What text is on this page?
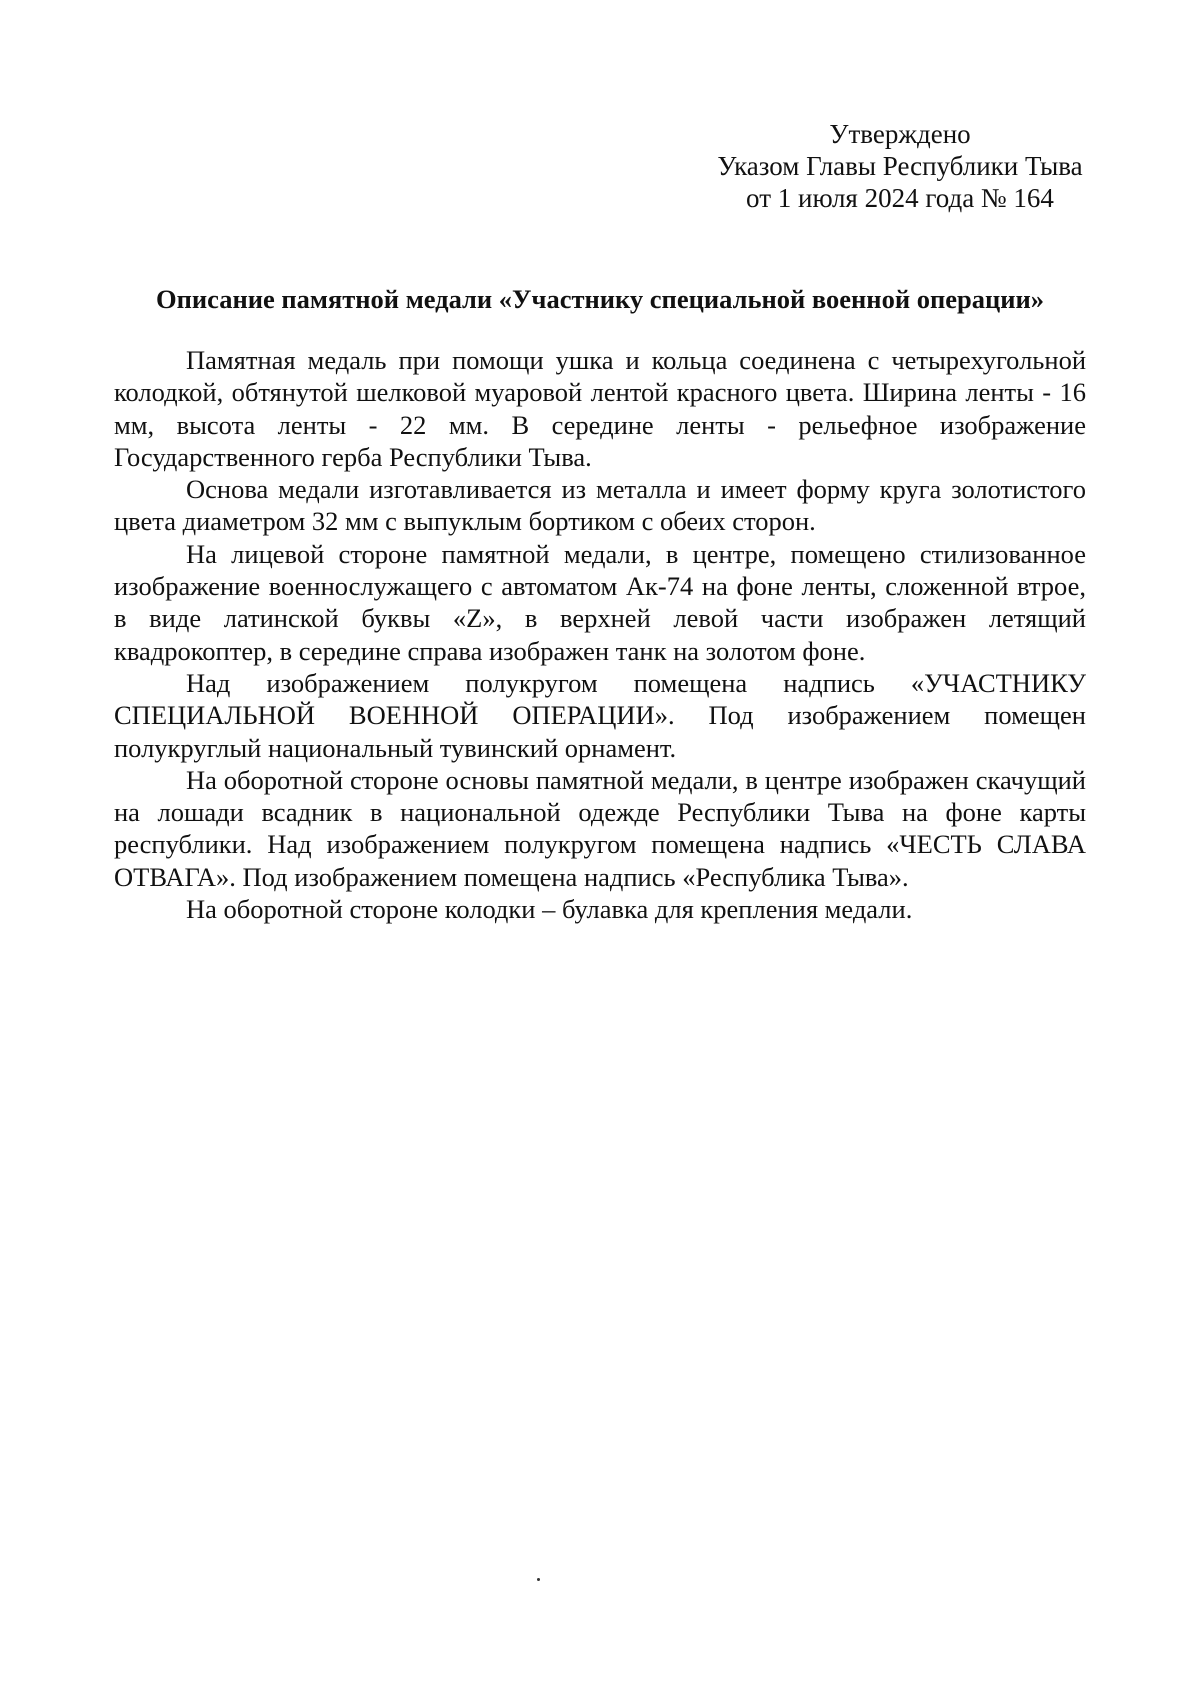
Утверждено
Указом Главы Республики Тыва
от 1 июля 2024 года № 164
Описание памятной медали «Участнику специальной военной операции»

Памятная медаль при помощи ушка и кольца соединена с четырехугольной колодкой, обтянутой шелковой муаровой лентой красного цвета. Ширина ленты - 16 мм, высота ленты - 22 мм. В середине ленты - рельефное изображение Государственного герба Республики Тыва.

Основа медали изготавливается из металла и имеет форму круга золотистого цвета диаметром 32 мм с выпуклым бортиком с обеих сторон.

На лицевой стороне памятной медали, в центре, помещено стилизованное изображение военнослужащего с автоматом Ак-74 на фоне ленты, сложенной втрое, в виде латинской буквы «Z», в верхней левой части изображен летящий квадрокоптер, в середине справа изображен танк на золотом фоне.

Над изображением полукругом помещена надпись «УЧАСТНИКУ СПЕЦИАЛЬНОЙ ВОЕННОЙ ОПЕРАЦИИ». Под изображением помещен полукруглый национальный тувинский орнамент.

На оборотной стороне основы памятной медали, в центре изображен скачущий на лошади всадник в национальной одежде Республики Тыва на фоне карты республики. Над изображением полукругом помещена надпись «ЧЕСТЬ СЛАВА ОТВАГА». Под изображением помещена надпись «Республика Тыва».

На оборотной стороне колодки – булавка для крепления медали.
